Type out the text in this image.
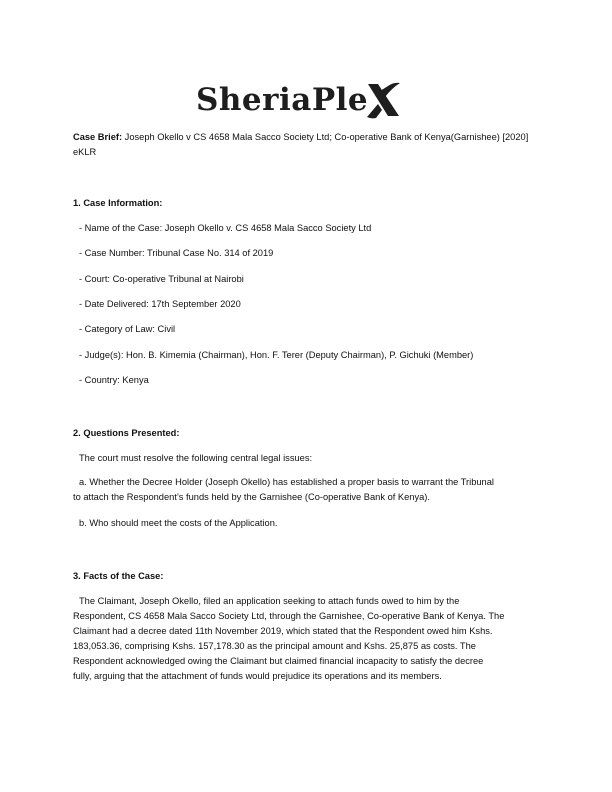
SheriaPle

Case Brief: Joseph Okello v CS 4658 Mala Sacco Society Ltd; Co-operative Bank of Kenya(Garnishee) [2020] eKLR

1. Case Information:
- Name of the Case: Joseph Okello v. CS 4658 Mala Sacco Society Ltd
- Case Number: Tribunal Case No. 314 of 2019
- Court: Co-operative Tribunal at Nairobi
- Date Delivered: 17th September 2020
- Category of Law: Civil
- Judge(s): Hon. B. Kimemia (Chairman), Hon. F. Terer (Deputy Chairman), P. Gichuki (Member)
- Country: Kenya
2. Questions Presented:
The court must resolve the following central legal issues:

a. Whether the Decree Holder (Joseph Okello) has established a proper basis to warrant the Tribunal

to attach the Respondent’s funds held by the Garnishee (Co-operative Bank of Kenya).

b. Who should meet the costs of the Application.
3. Facts of the Case:

The Claimant, Joseph Okello, filed an application seeking to attach funds owed to him by the

Respondent, CS 4658 Mala Sacco Society Ltd, through the Garnishee, Co-operative Bank of Kenya. The

Claimant had a decree dated 11th November 2019, which stated that the Respondent owed him Kshs.

183,053.36, comprising Kshs. 157,178.30 as the principal amount and Kshs. 25,875 as costs. The

Respondent acknowledged owing the Claimant but claimed financial incapacity to satisfy the decree

fully, arguing that the attachment of funds would prejudice its operations and its members.
